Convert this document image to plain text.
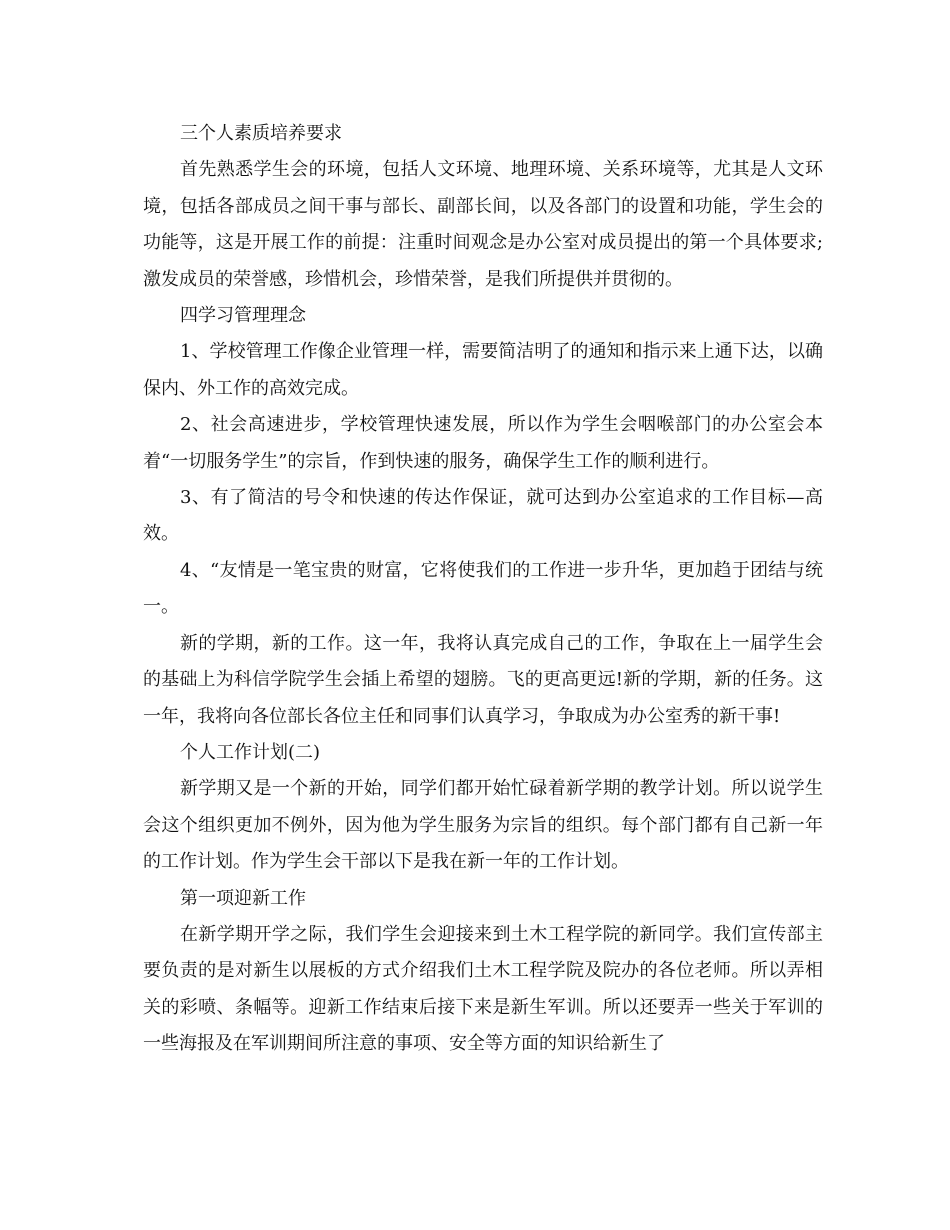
三个人素质培养要求

首先熟悉学生会的环境，包括人文环境、地理环境、关系环境等，尤其是人文环境，包括各部成员之间干事与部长、副部长间，以及各部门的设置和功能，学生会的功能等，这是开展工作的前提：注重时间观念是办公室对成员提出的第一个具体要求;激发成员的荣誉感，珍惜机会，珍惜荣誉，是我们所提供并贯彻的。

四学习管理理念

1、学校管理工作像企业管理一样，需要简洁明了的通知和指示来上通下达，以确保内、外工作的高效完成。

2、社会高速进步，学校管理快速发展，所以作为学生会咽喉部门的办公室会本着“一切服务学生”的宗旨，作到快速的服务，确保学生工作的顺利进行。

3、有了简洁的号令和快速的传达作保证，就可达到办公室追求的工作目标—高效。

4、“友情是一笔宝贵的财富，它将使我们的工作进一步升华，更加趋于团结与统一。

新的学期，新的工作。这一年，我将认真完成自己的工作，争取在上一届学生会的基础上为科信学院学生会插上希望的翅膀。飞的更高更远!新的学期，新的任务。这一年，我将向各位部长各位主任和同事们认真学习，争取成为办公室秀的新干事!

个人工作计划(二)

新学期又是一个新的开始，同学们都开始忙碌着新学期的教学计划。所以说学生会这个组织更加不例外，因为他为学生服务为宗旨的组织。每个部门都有自己新一年的工作计划。作为学生会干部以下是我在新一年的工作计划。

第一项迎新工作

在新学期开学之际，我们学生会迎接来到土木工程学院的新同学。我们宣传部主要负责的是对新生以展板的方式介绍我们土木工程学院及院办的各位老师。所以弄相关的彩喷、条幅等。迎新工作结束后接下来是新生军训。所以还要弄一些关于军训的一些海报及在军训期间所注意的事项、安全等方面的知识给新生了
